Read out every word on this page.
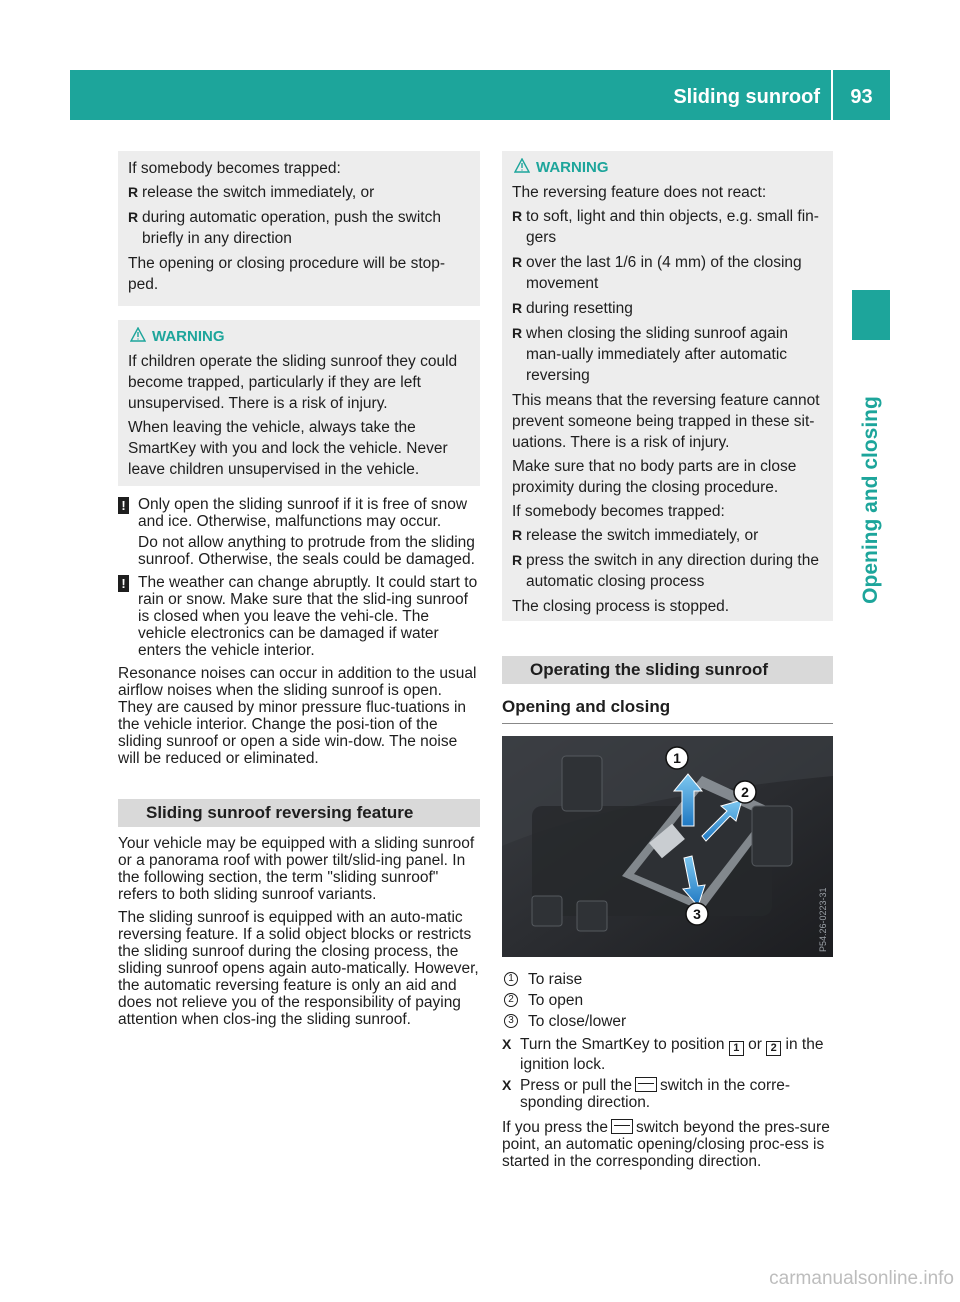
Sliding sunroof	93
Opening and closing

If somebody becomes trapped:

R release the switch immediately, or
R during automatic operation, push the switch briefly in any direction

The opening or closing procedure will be stop-ped.

WARNING

If children operate the sliding sunroof they could become trapped, particularly if they are left unsupervised. There is a risk of injury.

When leaving the vehicle, always take the SmartKey with you and lock the vehicle. Never leave children unsupervised in the vehicle.

! Only open the sliding sunroof if it is free of snow and ice. Otherwise, malfunctions may occur.

Do not allow anything to protrude from the sliding sunroof. Otherwise, the seals could be damaged.

! The weather can change abruptly. It could start to rain or snow. Make sure that the slid-ing sunroof is closed when you leave the vehi-cle. The vehicle electronics can be damaged if water enters the vehicle interior.

Resonance noises can occur in addition to the usual airflow noises when the sliding sunroof is open. They are caused by minor pressure fluc-tuations in the vehicle interior. Change the posi-tion of the sliding sunroof or open a side win-dow. The noise will be reduced or eliminated.

Sliding sunroof reversing feature

Your vehicle may be equipped with a sliding sunroof or a panorama roof with power tilt/slid-ing panel. In the following section, the term "sliding sunroof" refers to both sliding sunroof variants.

The sliding sunroof is equipped with an auto-matic reversing feature. If a solid object blocks or restricts the sliding sunroof during the closing process, the sliding sunroof opens again auto-matically. However, the automatic reversing feature is only an aid and does not relieve you of the responsibility of paying attention when clos-ing the sliding sunroof.

WARNING

The reversing feature does not react:

R to soft, light and thin objects, e.g. small fin-gers
R over the last 1/6 in (4 mm) of the closing movement
R during resetting
R when closing the sliding sunroof again man-ually immediately after automatic reversing

This means that the reversing feature cannot prevent someone being trapped in these sit-uations. There is a risk of injury.

Make sure that no body parts are in close proximity during the closing procedure.

If somebody becomes trapped:

R release the switch immediately, or
R press the switch in any direction during the automatic closing process

The closing process is stopped.

Operating the sliding sunroof
Opening and closing
1
2
3	P54.26-0223-31
1 To raise
2 To open
3 To close/lower
X Turn the SmartKey to position 1 or 2 in the ignition lock.
X Press or pull the switch in the corre-sponding direction.

If you press the switch beyond the pres-sure point, an automatic opening/closing proc-ess is started in the corresponding direction.

carmanualsonline.info
